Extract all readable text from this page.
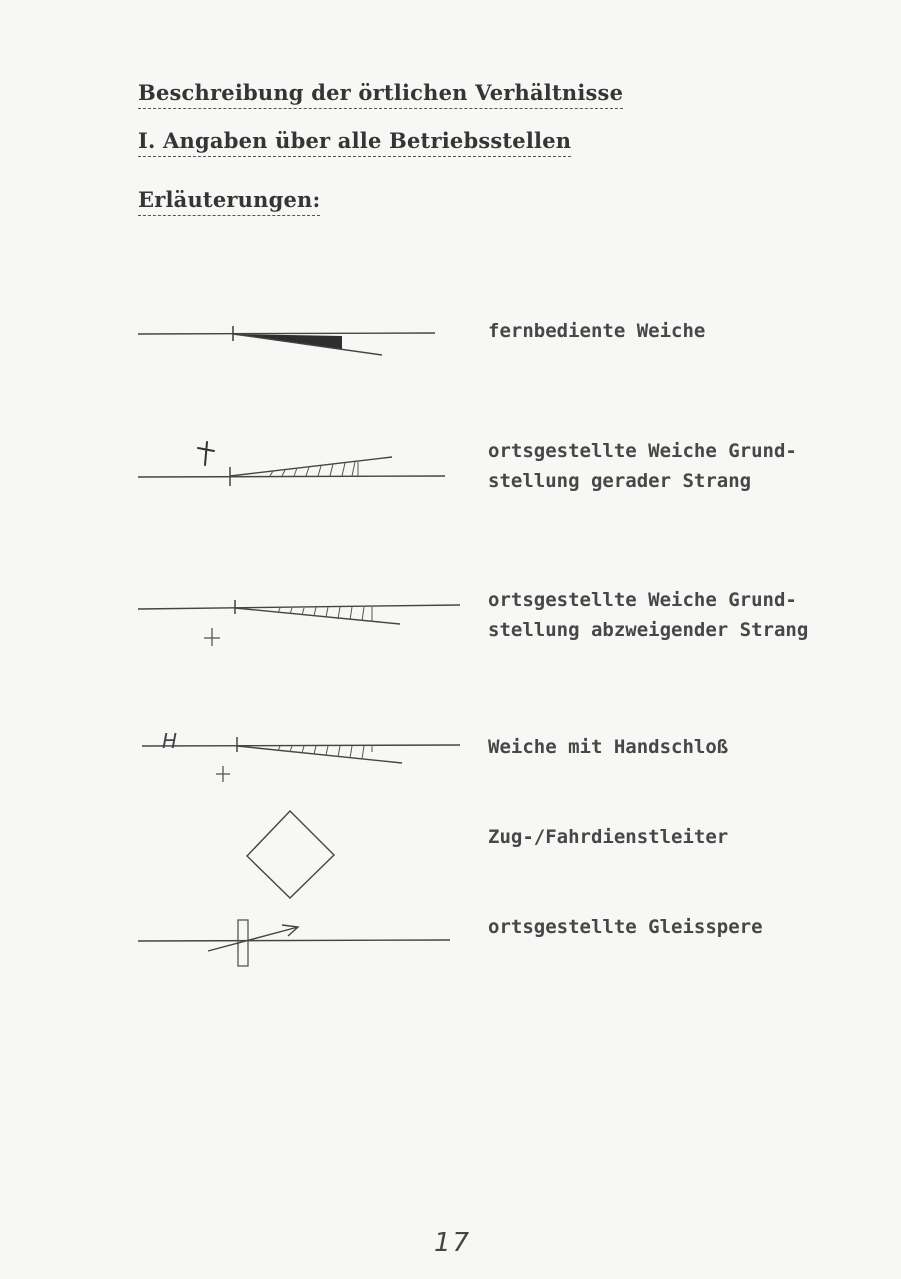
Beschreibung der örtlichen Verhältnisse
I. Angaben über alle Betriebsstellen
Erläuterungen:
fernbediente Weiche
ortsgestellte Weiche Grund-
stellung gerader Strang
ortsgestellte Weiche Grund-
stellung abzweigender Strang
H	Weiche mit Handschloß
Zug-/Fahrdienstleiter
ortsgestellte Gleisspere
17
